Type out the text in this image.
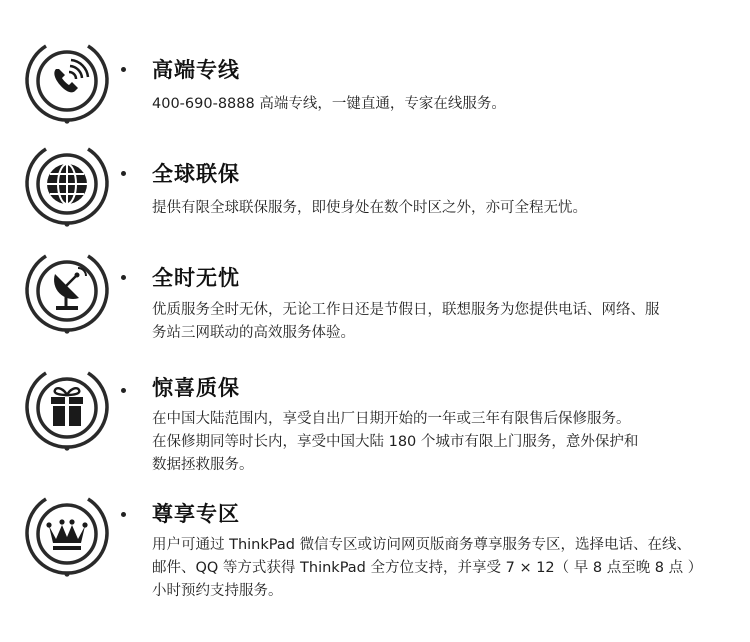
高端专线

400-690-8888 高端专线，一键直通，专家在线服务。

全球联保

提供有限全球联保服务，即使身处在数个时区之外，亦可全程无忧。

全时无忧

优质服务全时无休，无论工作日还是节假日，联想服务为您提供电话、网络、服

务站三网联动的高效服务体验。

惊喜质保

在中国大陆范围内，享受自出厂日期开始的一年或三年有限售后保修服务。

在保修期同等时长内，享受中国大陆 180 个城市有限上门服务，意外保护和

数据拯救服务。

尊享专区

用户可通过 ThinkPad 微信专区或访问网页版商务尊享服务专区，选择电话、在线、

邮件、QQ 等方式获得 ThinkPad 全方位支持，并享受 7 × 12（ 早 8 点至晚 8 点 ）

小时预约支持服务。
